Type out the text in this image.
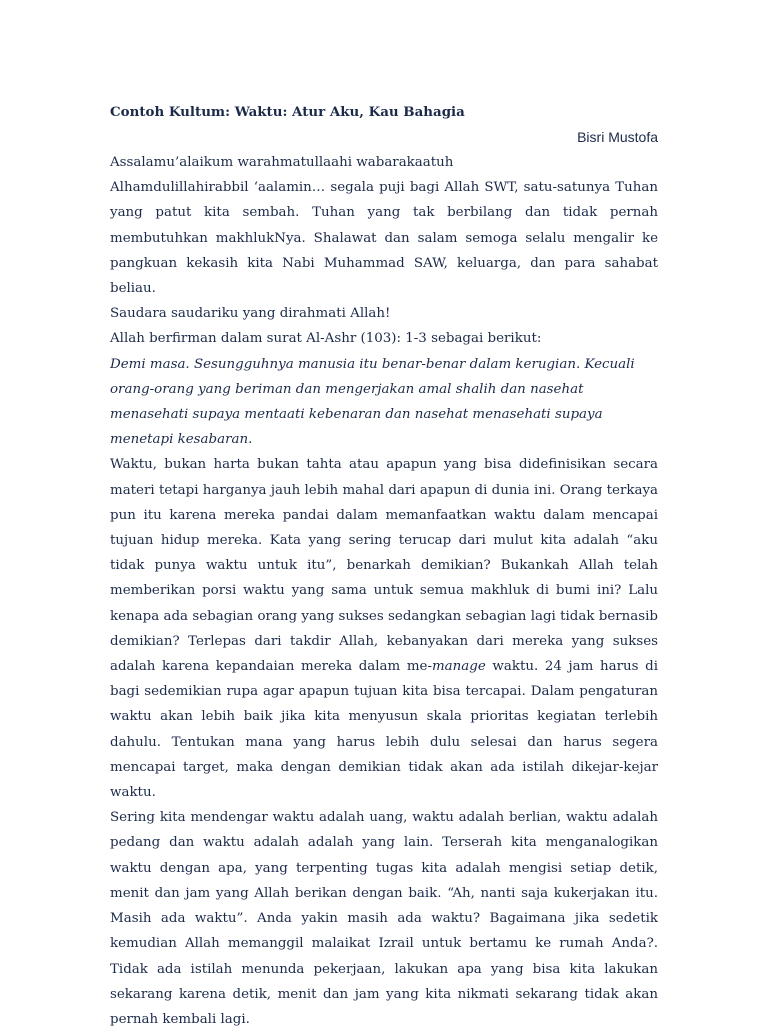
Contoh Kultum: Waktu: Atur Aku, Kau Bahagia

Bisri Mustofa

Assalamu’alaikum warahmatullaahi wabarakaatuh

Alhamdulillahirabbil ‘aalamin… segala puji bagi Allah SWT, satu-satunya Tuhan yang patut kita sembah. Tuhan yang tak berbilang dan tidak pernah membutuhkan makhlukNya. Shalawat dan salam semoga selalu mengalir ke pangkuan kekasih kita Nabi Muhammad SAW, keluarga, dan para sahabat beliau.

Saudara saudariku yang dirahmati Allah!

Allah berfirman dalam surat Al-Ashr (103): 1-3 sebagai berikut:

Demi masa. Sesungguhnya manusia itu benar-benar dalam kerugian. Kecuali orang-orang yang beriman dan mengerjakan amal shalih dan nasehat menasehati supaya mentaati kebenaran dan nasehat menasehati supaya menetapi kesabaran.

Waktu, bukan harta bukan tahta atau apapun yang bisa didefinisikan secara materi tetapi harganya jauh lebih mahal dari apapun di dunia ini. Orang terkaya pun itu karena mereka pandai dalam memanfaatkan waktu dalam mencapai tujuan hidup mereka. Kata yang sering terucap dari mulut kita adalah “aku tidak punya waktu untuk itu”, benarkah demikian? Bukankah Allah telah memberikan porsi waktu yang sama untuk semua makhluk di bumi ini? Lalu kenapa ada sebagian orang yang sukses sedangkan sebagian lagi tidak bernasib demikian? Terlepas dari takdir Allah, kebanyakan dari mereka yang sukses adalah karena kepandaian mereka dalam me-manage waktu. 24 jam harus di bagi sedemikian rupa agar apapun tujuan kita bisa tercapai. Dalam pengaturan waktu akan lebih baik jika kita menyusun skala prioritas kegiatan terlebih dahulu. Tentukan mana yang harus lebih dulu selesai dan harus segera mencapai target, maka dengan demikian tidak akan ada istilah dikejar-kejar waktu.

Sering kita mendengar waktu adalah uang, waktu adalah berlian, waktu adalah pedang dan waktu adalah adalah yang lain. Terserah kita menganalogikan waktu dengan apa, yang terpenting tugas kita adalah mengisi setiap detik, menit dan jam yang Allah berikan dengan baik. “Ah, nanti saja kukerjakan itu. Masih ada waktu”. Anda yakin masih ada waktu? Bagaimana jika sedetik kemudian Allah memanggil malaikat Izrail untuk bertamu ke rumah Anda?. Tidak ada istilah menunda pekerjaan, lakukan apa yang bisa kita lakukan sekarang karena detik, menit dan jam yang kita nikmati sekarang tidak akan pernah kembali lagi.
